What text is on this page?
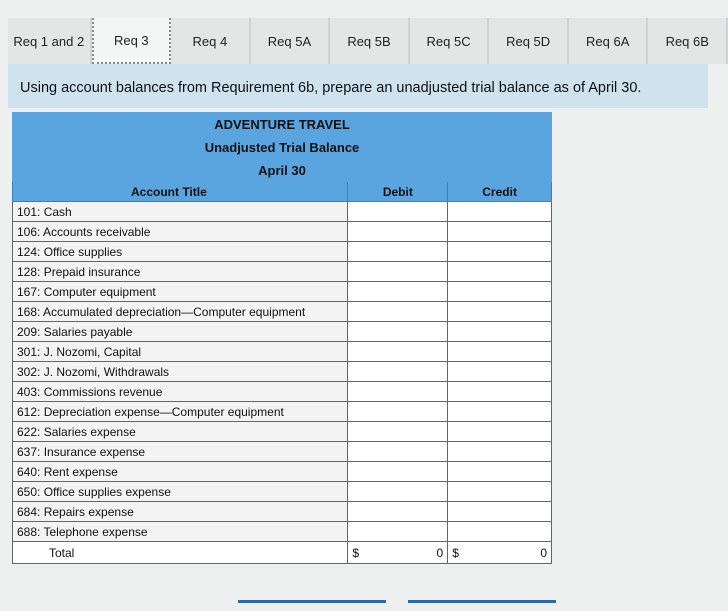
Req 1 and 2	Req 3	Req 4	Req 5A	Req 5B	Req 5C	Req 5D	Req 6A	Req 6B
Using account balances from Requirement 6b, prepare an unadjusted trial balance as of April 30.
ADVENTURE TRAVEL		
Unadjusted Trial Balance		
April 30		
Account Title	Debit	Credit
101: Cash		
106: Accounts receivable		
124: Office supplies		
128: Prepaid insurance		
167: Computer equipment		
168: Accumulated depreciation—Computer equipment		
209: Salaries payable		
301: J. Nozomi, Capital		
302: J. Nozomi, Withdrawals		
403: Commissions revenue		
612: Depreciation expense—Computer equipment		
622: Salaries expense		
637: Insurance expense		
640: Rent expense		
650: Office supplies expense		
684: Repairs expense		
688: Telephone expense		
Total	$ 0	$ 0
